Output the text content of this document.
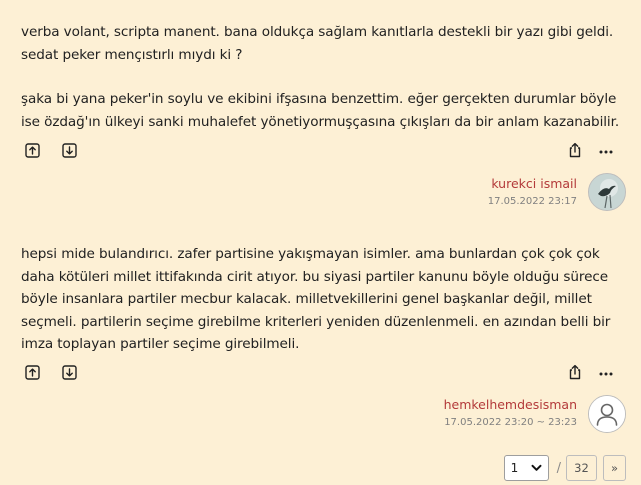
verba volant, scripta manent. bana oldukça sağlam kanıtlarla destekli bir yazı gibi geldi. sedat peker mençıstırlı mıydı ki ?

şaka bi yana peker'in soylu ve ekibini ifşasına benzettim. eğer gerçekten durumlar böyle ise özdağ'ın ülkeyi sanki muhalefet yönetiyormuşçasına çıkışları da bir anlam kazanabilir.

kurekci ismail
17.05.2022 23:17

hepsi mide bulandırıcı. zafer partisine yakışmayan isimler. ama bunlardan çok çok çok daha kötüleri millet ittifakında cirit atıyor. bu siyasi partiler kanunu böyle olduğu sürece böyle insanlara partiler mecbur kalacak. milletvekillerini genel başkanlar değil, millet seçmeli. partilerin seçime girebilme kriterleri yeniden düzenlenmeli. en azından belli bir imza toplayan partiler seçime girebilmeli.

hemkelhemdesisman
17.05.2022 23:20 ~ 23:23
1	/ 32 »
